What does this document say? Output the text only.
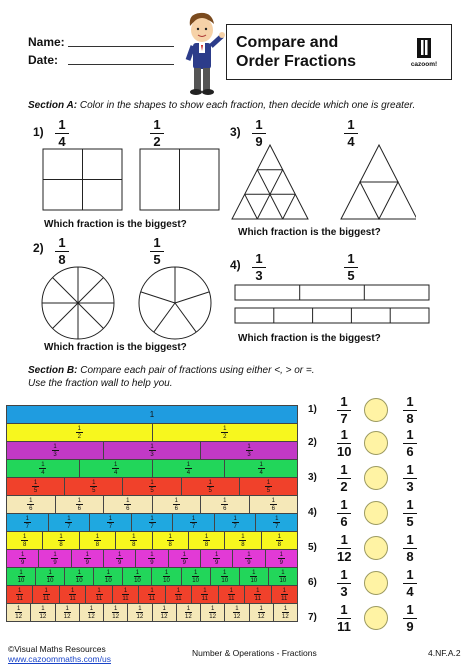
Name:
Date:
Compare and
Order Fractions	cazoom!
Section A: Color in the shapes to show each fraction, then decide which one is greater.
1) 1
4
1
2
Which fraction is the biggest?
3) 1
9
1
4
Which fraction is the biggest?
2) 1
8
1
5
Which fraction is the biggest?
4) 1
3
1
5
Which fraction is the biggest?
Section B: Compare each pair of fractions using either <, > or =.
Use the fraction wall to help you.
1
1
2
1
2
1
3
1
3
1
3
1
4
1
4
1
4
1
4
1
5
1
5
1
5
1
5
1
5
1
6
1
6
1
6
1
6
1
6
1
6
1
7
1
7
1
7
1
7
1
7
1
7
1
7
1
8
1
8
1
8
1
8
1
8
1
8
1
8
1
8
1
9
1
9
1
9
1
9
1
9
1
9
1
9
1
9
1
9
1
10
1
10
1
10
1
10
1
10
1
10
1
10
1
10
1
10
1
10
1
11
1
11
1
11
1
11
1
11
1
11
1
11
1
11
1
11
1
11
1
11
1
12
1
12
1
12
1
12
1
12
1
12
1
12
1
12
1
12
1
12
1
12
1
12
1)
1
7
1
8
2)
1
10
1
6
3)
1
2
1
3
4)
1
6
1
5
5)
1
12
1
8
6)
1
3
1
4
7)
1
11
1
9
©Visual Maths Resources
www.cazoommaths.com/us
Number & Operations - Fractions	4.NF.A.2
